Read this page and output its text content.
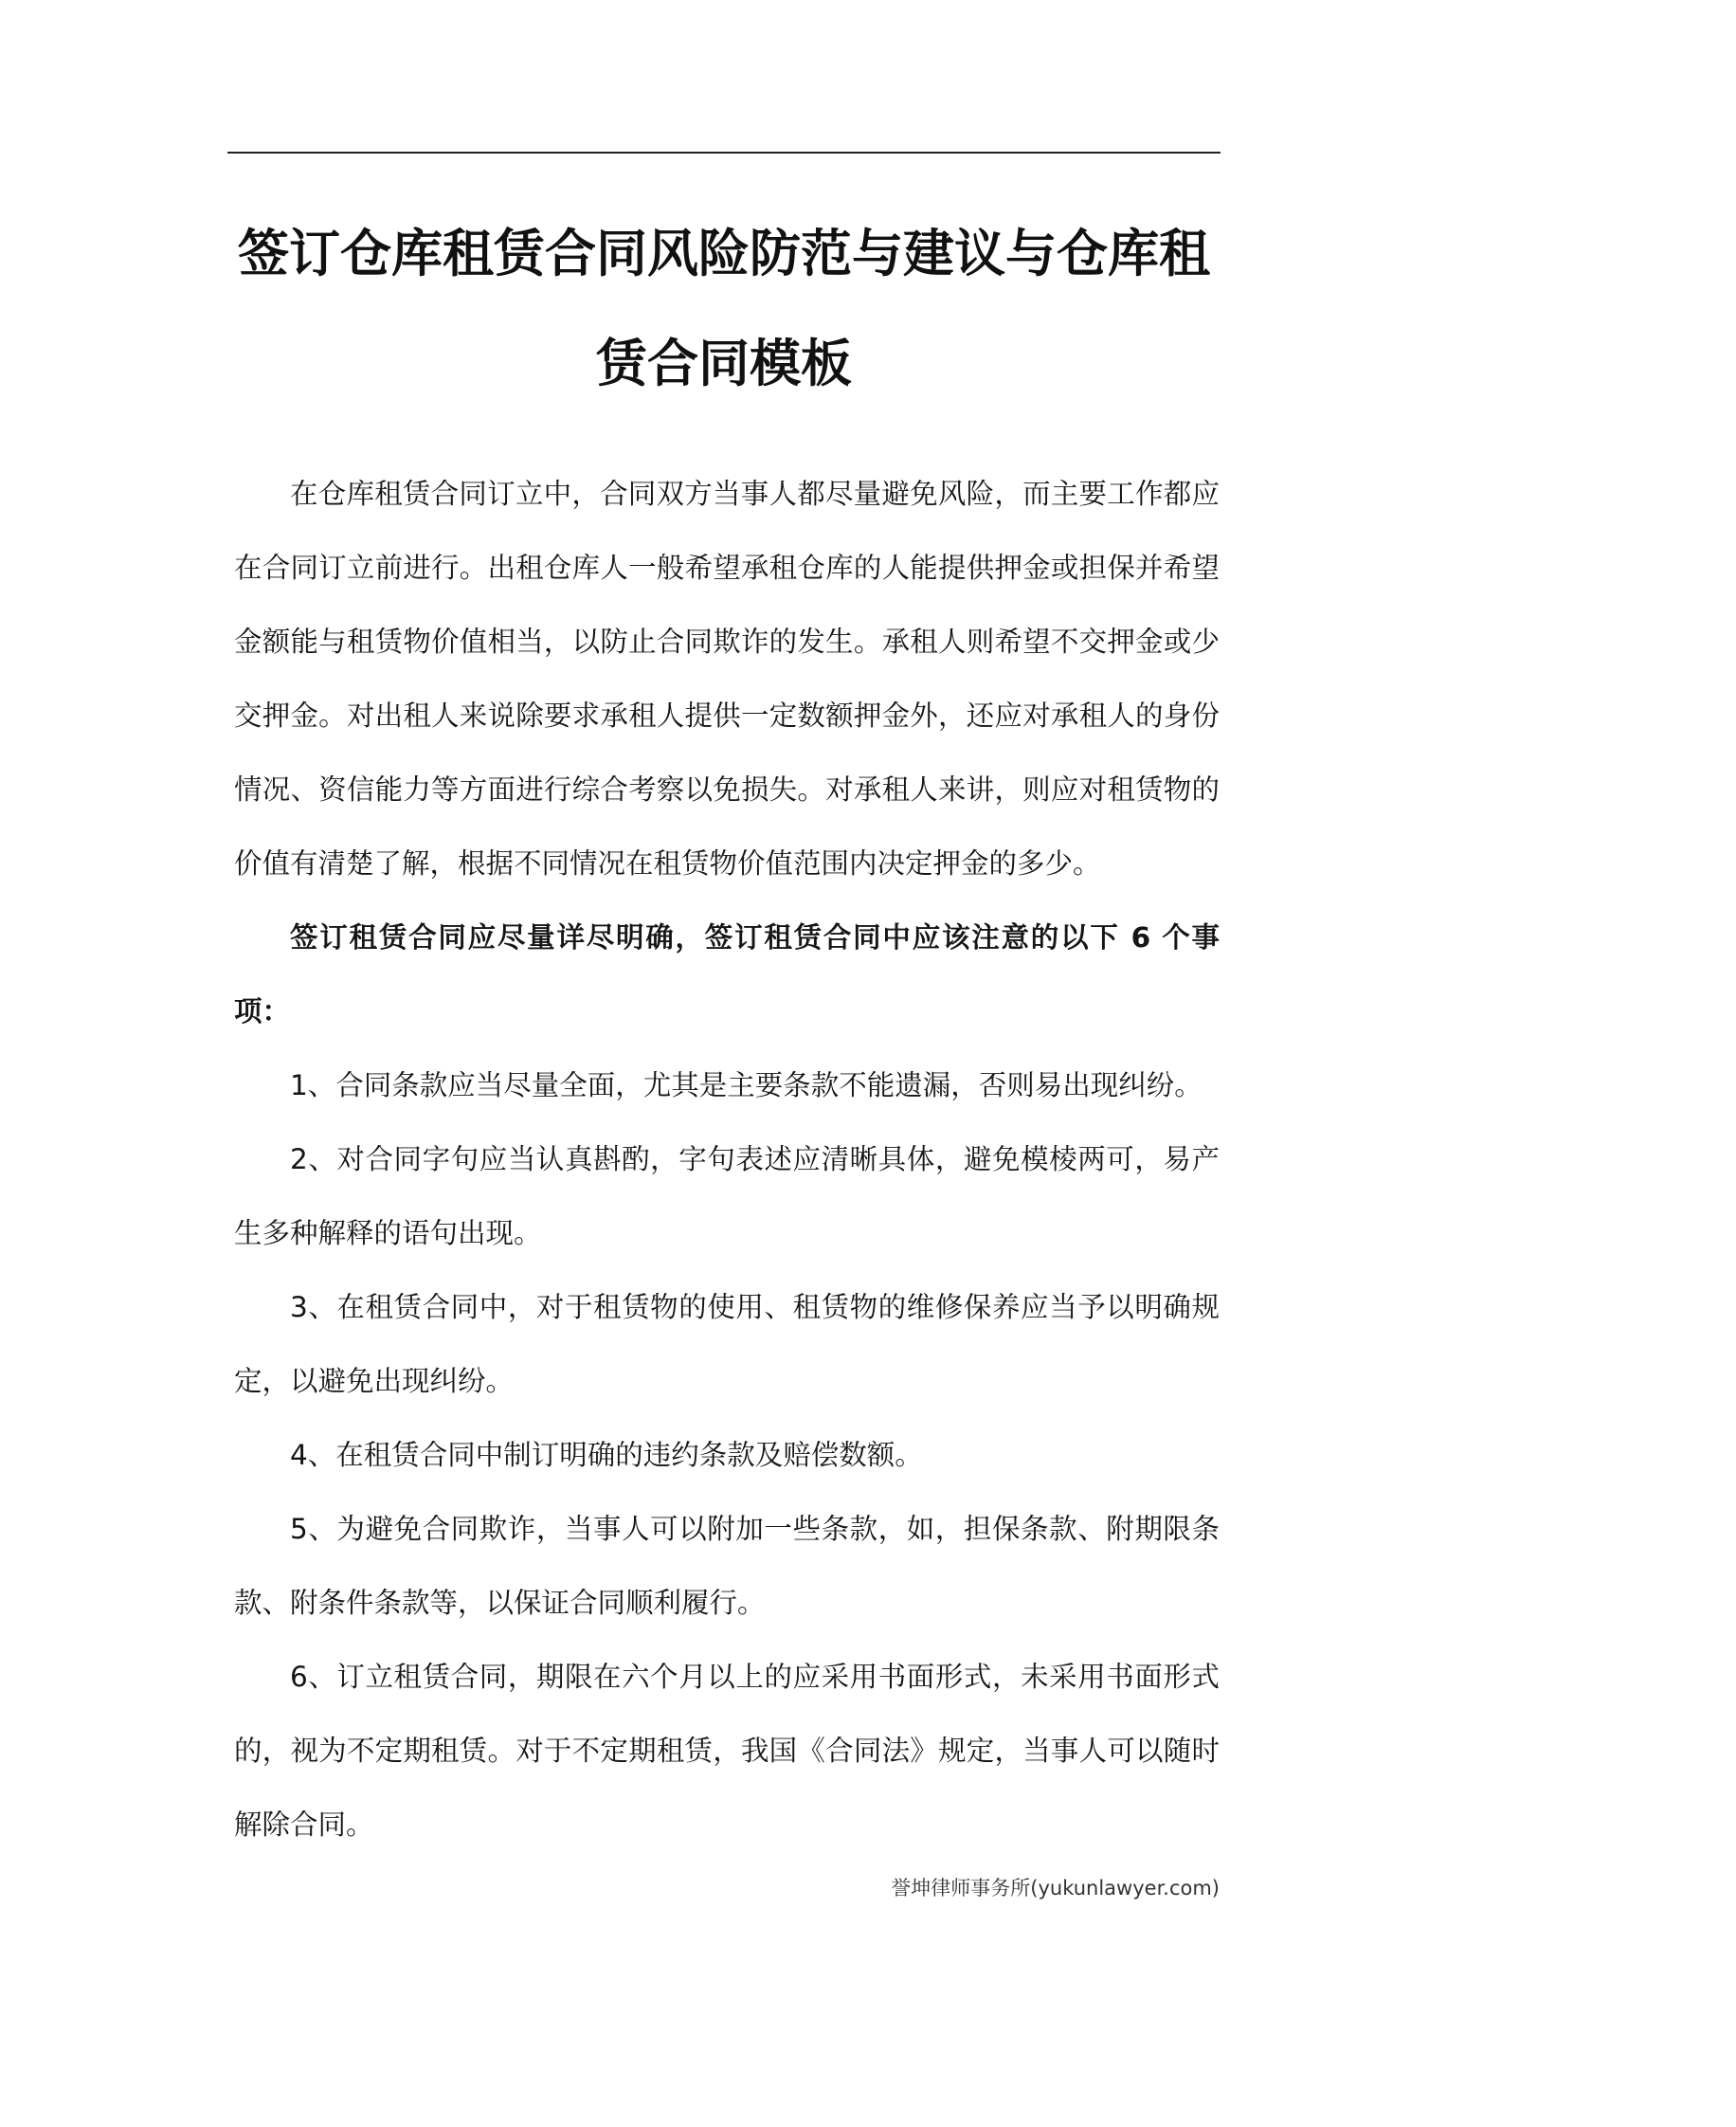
签订仓库租赁合同风险防范与建议与仓库租赁合同模板

在仓库租赁合同订立中，合同双方当事人都尽量避免风险，而主要工作都应在合同订立前进行。出租仓库人一般希望承租仓库的人能提供押金或担保并希望金额能与租赁物价值相当，以防止合同欺诈的发生。承租人则希望不交押金或少交押金。对出租人来说除要求承租人提供一定数额押金外，还应对承租人的身份情况、资信能力等方面进行综合考察以免损失。对承租人来讲，则应对租赁物的价值有清楚了解，根据不同情况在租赁物价值范围内决定押金的多少。

签订租赁合同应尽量详尽明确，签订租赁合同中应该注意的以下 6 个事项：

1、合同条款应当尽量全面，尤其是主要条款不能遗漏，否则易出现纠纷。

2、对合同字句应当认真斟酌，字句表述应清晰具体，避免模棱两可，易产生多种解释的语句出现。

3、在租赁合同中，对于租赁物的使用、租赁物的维修保养应当予以明确规定，以避免出现纠纷。

4、在租赁合同中制订明确的违约条款及赔偿数额。

5、为避免合同欺诈，当事人可以附加一些条款，如，担保条款、附期限条款、附条件条款等，以保证合同顺利履行。

6、订立租赁合同，期限在六个月以上的应采用书面形式，未采用书面形式的，视为不定期租赁。对于不定期租赁，我国《合同法》规定，当事人可以随时解除合同。

誉坤律师事务所(yukunlawyer.com)
